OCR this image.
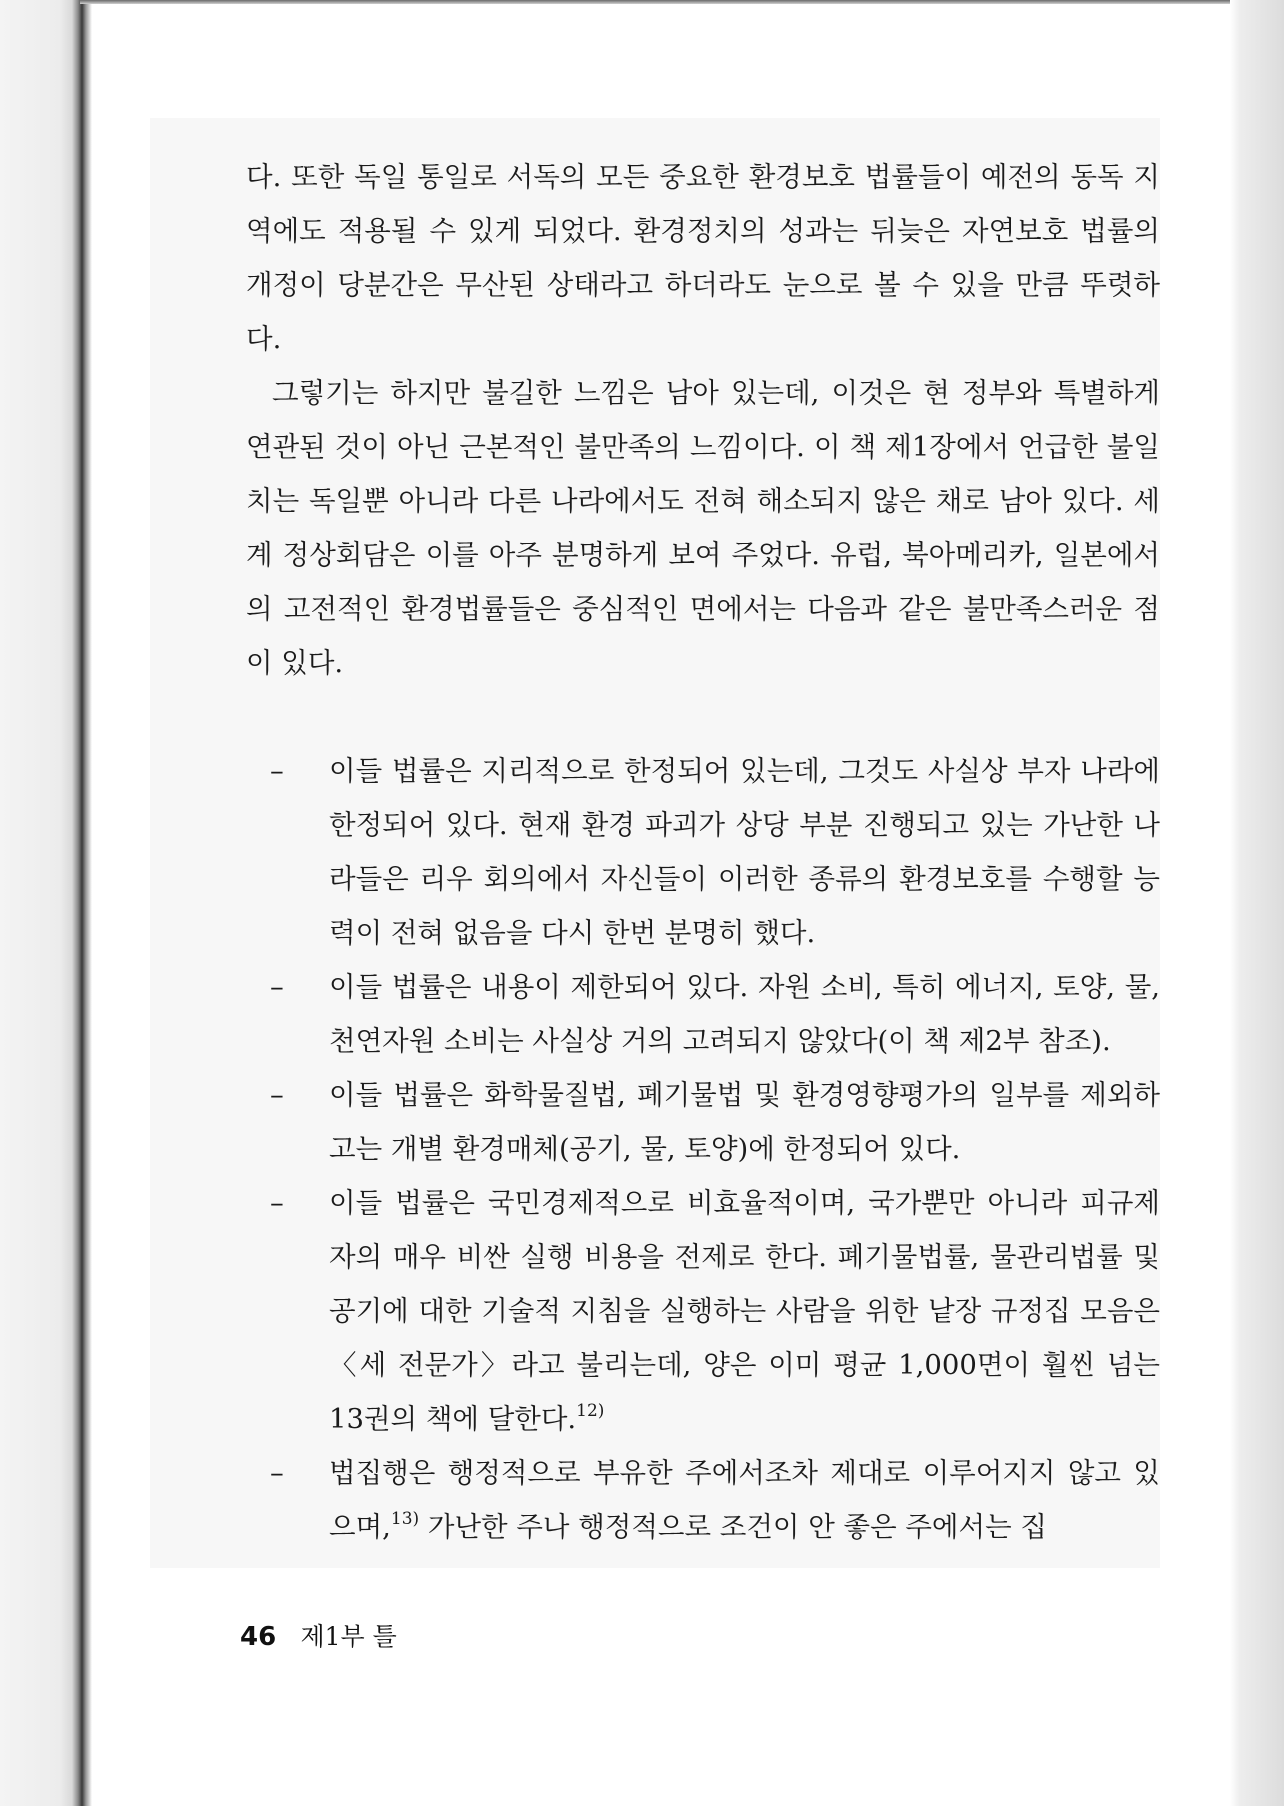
다. 또한 독일 통일로 서독의 모든 중요한 환경보호 법률들이 예전의 동독 지역에도 적용될 수 있게 되었다. 환경정치의 성과는 뒤늦은 자연보호 법률의 개정이 당분간은 무산된 상태라고 하더라도 눈으로 볼 수 있을 만큼 뚜렷하다.

그렇기는 하지만 불길한 느낌은 남아 있는데, 이것은 현 정부와 특별하게 연관된 것이 아닌 근본적인 불만족의 느낌이다. 이 책 제1장에서 언급한 불일치는 독일뿐 아니라 다른 나라에서도 전혀 해소되지 않은 채로 남아 있다. 세계 정상회담은 이를 아주 분명하게 보여 주었다. 유럽, 북아메리카, 일본에서의 고전적인 환경법률들은 중심적인 면에서는 다음과 같은 불만족스러운 점이 있다.

–	이들 법률은 지리적으로 한정되어 있는데, 그것도 사실상 부자 나라에 한정되어 있다. 현재 환경 파괴가 상당 부분 진행되고 있는 가난한 나라들은 리우 회의에서 자신들이 이러한 종류의 환경보호를 수행할 능력이 전혀 없음을 다시 한번 분명히 했다.
–	이들 법률은 내용이 제한되어 있다. 자원 소비, 특히 에너지, 토양, 물, 천연자원 소비는 사실상 거의 고려되지 않았다(이 책 제2부 참조).
–	이들 법률은 화학물질법, 폐기물법 및 환경영향평가의 일부를 제외하고는 개별 환경매체(공기, 물, 토양)에 한정되어 있다.
–	이들 법률은 국민경제적으로 비효율적이며, 국가뿐만 아니라 피규제자의 매우 비싼 실행 비용을 전제로 한다. 폐기물법률, 물관리법률 및 공기에 대한 기술적 지침을 실행하는 사람을 위한 낱장 규정집 모음은 〈세 전문가〉라고 불리는데, 양은 이미 평균 1,000면이 훨씬 넘는 13권의 책에 달한다.$^{12)}$
–	법집행은 행정적으로 부유한 주에서조차 제대로 이루어지지 않고 있으며,$^{13)}$ 가난한 주나 행정적으로 조건이 안 좋은 주에서는 집
46 제1부 틀
